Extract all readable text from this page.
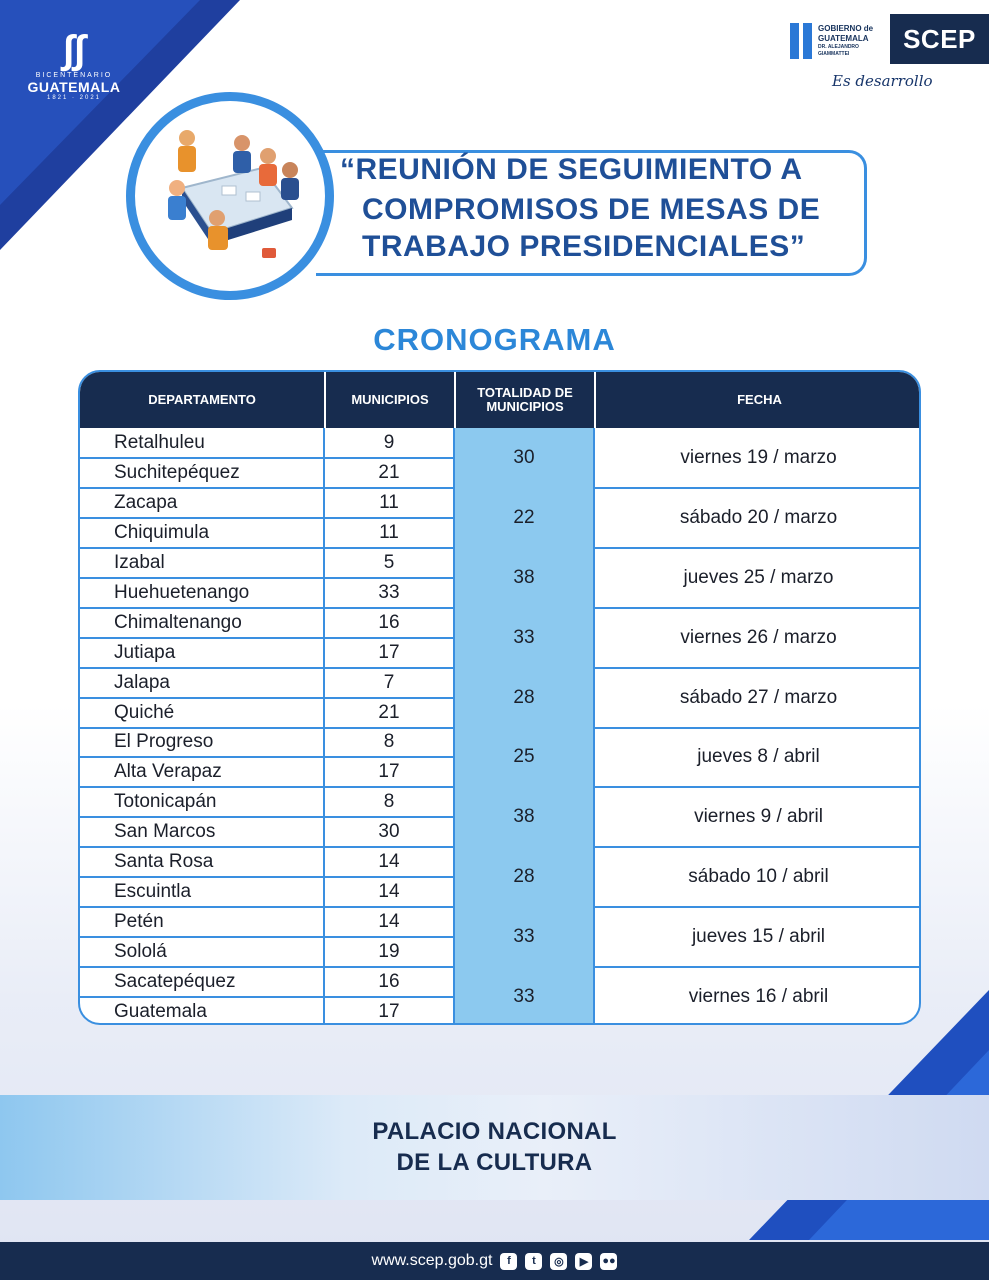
∫∫
BICENTENARIO
GUATEMALA
1821 · 2021
GOBIERNO de
GUATEMALA
DR. ALEJANDRO GIAMMATTEI
SCEP
Es desarrollo
“REUNIÓN DE SEGUIMIENTO A
COMPROMISOS DE MESAS DE
TRABAJO PRESIDENCIALES”
CRONOGRAMA
DEPARTAMENTO	MUNICIPIOS	TOTALIDAD DE
MUNICIPIOS	FECHA
Retalhuleu	9
Suchitepéquez	21
30	viernes 19 / marzo
Zacapa	11
Chiquimula	11
22	sábado 20 / marzo
Izabal	5
Huehuetenango	33
38	jueves 25 / marzo
Chimaltenango	16
Jutiapa	17
33	viernes 26 / marzo
Jalapa	7
Quiché	21
28	sábado 27 / marzo
El Progreso	8
Alta Verapaz	17
25	jueves 8 / abril
Totonicapán	8
San Marcos	30
38	viernes 9 / abril
Santa Rosa	14
Escuintla	14
28	sábado 10 / abril
Petén	14
Sololá	19
33	jueves 15 / abril
Sacatepéquez	16
Guatemala	17
33	viernes 16 / abril
PALACIO NACIONAL
DE LA CULTURA
www.scep.gob.gt	f	t	◎	▶	●●
